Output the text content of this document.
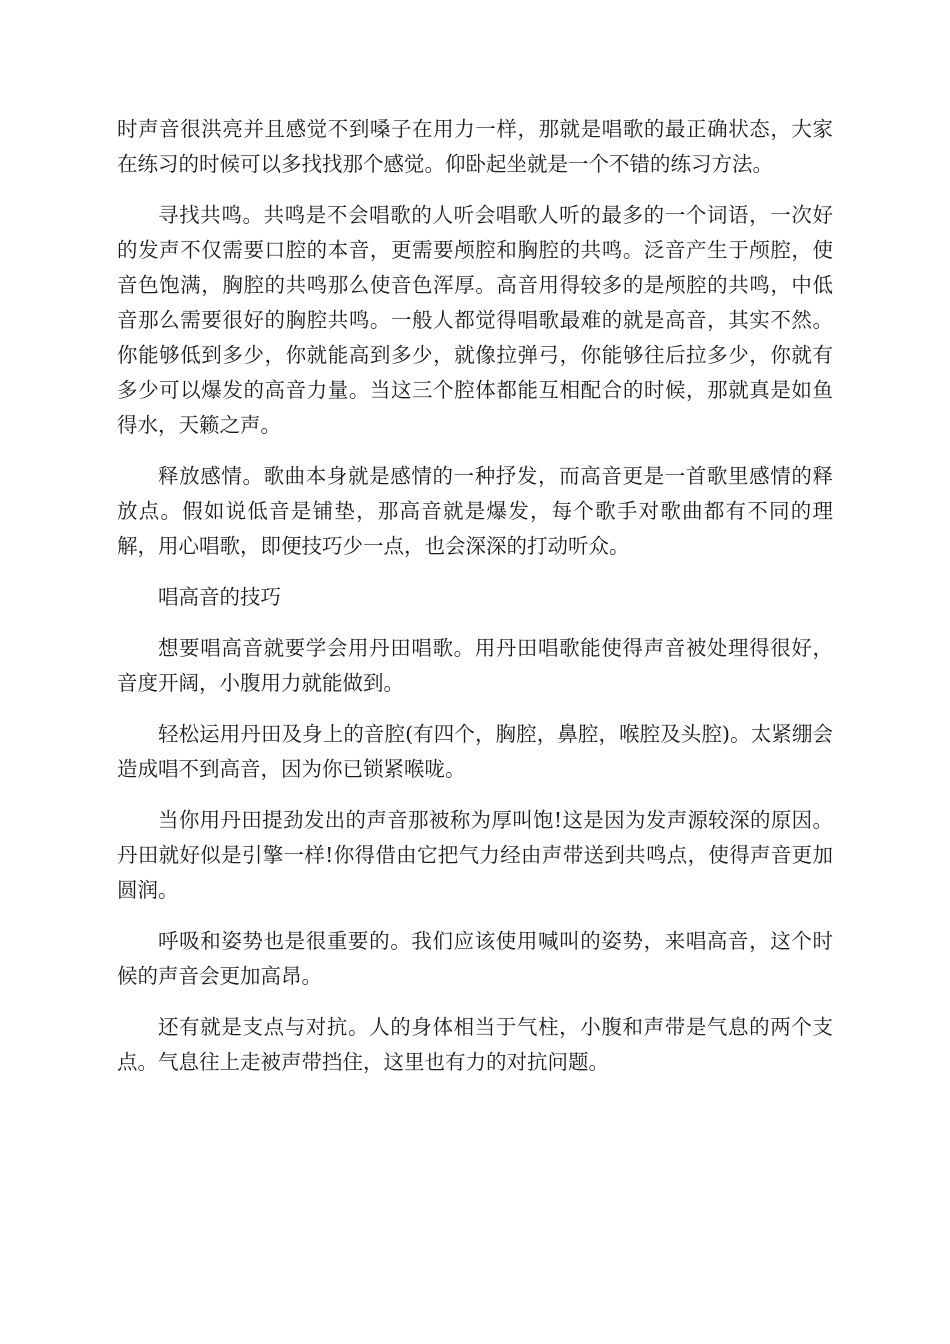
时声音很洪亮并且感觉不到嗓子在用力一样，那就是唱歌的最正确状态，大家在练习的时候可以多找找那个感觉。仰卧起坐就是一个不错的练习方法。

寻找共鸣。共鸣是不会唱歌的人听会唱歌人听的最多的一个词语，一次好的发声不仅需要口腔的本音，更需要颅腔和胸腔的共鸣。泛音产生于颅腔，使音色饱满，胸腔的共鸣那么使音色浑厚。高音用得较多的是颅腔的共鸣，中低音那么需要很好的胸腔共鸣。一般人都觉得唱歌最难的就是高音，其实不然。你能够低到多少，你就能高到多少，就像拉弹弓，你能够往后拉多少，你就有多少可以爆发的高音力量。当这三个腔体都能互相配合的时候，那就真是如鱼得水，天籁之声。

释放感情。歌曲本身就是感情的一种抒发，而高音更是一首歌里感情的释放点。假如说低音是铺垫，那高音就是爆发，每个歌手对歌曲都有不同的理解，用心唱歌，即便技巧少一点，也会深深的打动听众。

唱高音的技巧

想要唱高音就要学会用丹田唱歌。用丹田唱歌能使得声音被处理得很好，音度开阔，小腹用力就能做到。

轻松运用丹田及身上的音腔(有四个，胸腔，鼻腔，喉腔及头腔)。太紧绷会造成唱不到高音，因为你已锁紧喉咙。

当你用丹田提劲发出的声音那被称为厚叫饱!这是因为发声源较深的原因。丹田就好似是引擎一样!你得借由它把气力经由声带送到共鸣点，使得声音更加圆润。

呼吸和姿势也是很重要的。我们应该使用喊叫的姿势，来唱高音，这个时候的声音会更加高昂。

还有就是支点与对抗。人的身体相当于气柱，小腹和声带是气息的两个支点。气息往上走被声带挡住，这里也有力的对抗问题。
